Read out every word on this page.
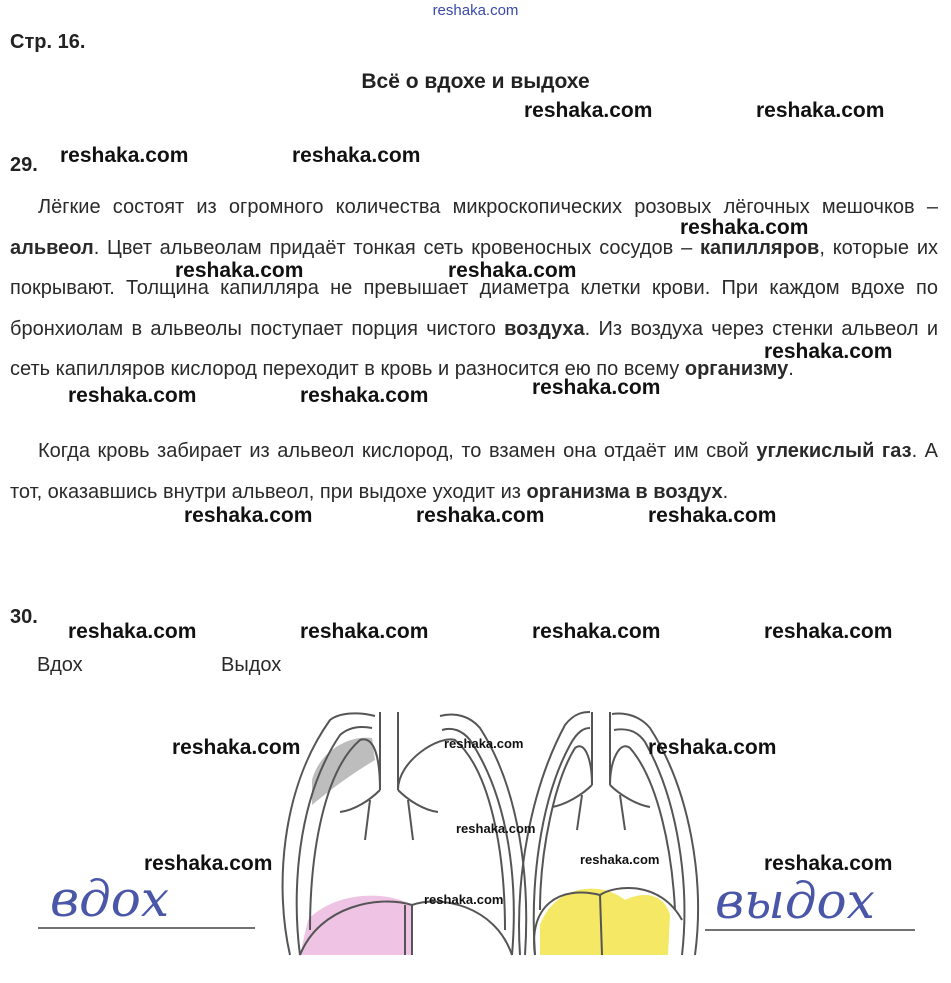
reshaka.com
Стр. 16.
Всё о вдохе и выдохе
29.
Лёгкие состоят из огромного количества микроскопических розовых лёгочных мешочков – альвеол. Цвет альвеолам придаёт тонкая сеть кровеносных сосудов – капилляров, которые их покрывают. Толщина капилляра не превышает диаметра клетки крови. При каждом вдохе по бронхиолам в альвеолы поступает порция чистого воздуха. Из воздуха через стенки альвеол и сеть капилляров кислород переходит в кровь и разносится ею по всему организму.
Когда кровь забирает из альвеол кислород, то взамен она отдаёт им свой углекислый газ. А тот, оказавшись внутри альвеол, при выдохе уходит из организма в воздух.
30.
Вдох	Выдох
вдох	выдох
reshaka.com	reshaka.com
reshaka.com	reshaka.com
reshaka.com
reshaka.com	reshaka.com
reshaka.com
reshaka.com
reshaka.com	reshaka.com
reshaka.com	reshaka.com	reshaka.com
reshaka.com	reshaka.com	reshaka.com	reshaka.com
reshaka.com	reshaka.com
reshaka.com	reshaka.com
reshaka.com
reshaka.com
reshaka.com
reshaka.com
